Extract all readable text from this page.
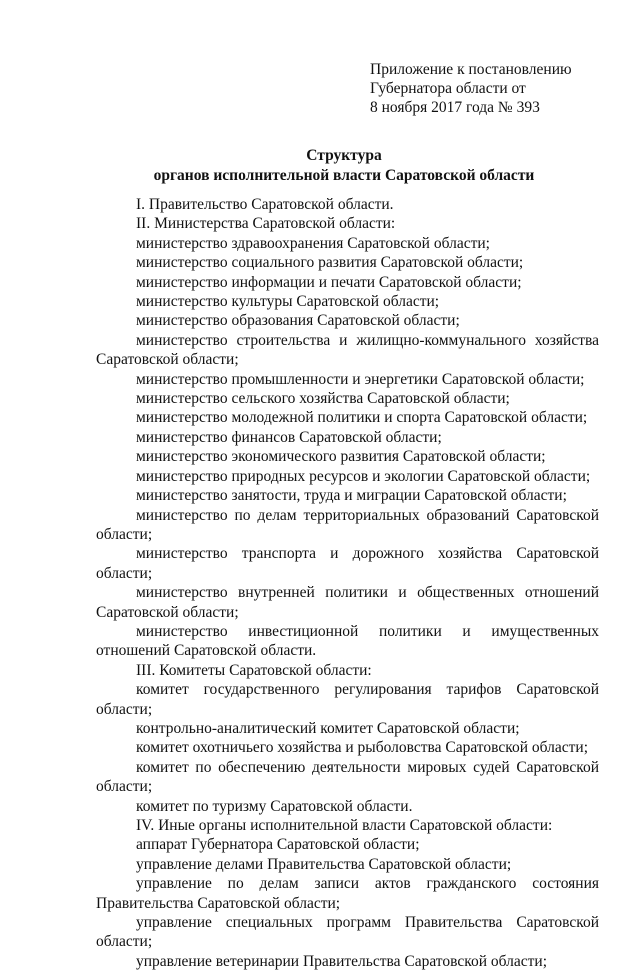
Приложение к постановлению
Губернатора области от
8 ноября 2017 года № 393
Структура
органов исполнительной власти Саратовской области

I. Правительство Саратовской области.

II. Министерства Саратовской области:

министерство здравоохранения Саратовской области;

министерство социального развития Саратовской области;

министерство информации и печати Саратовской области;

министерство культуры Саратовской области;

министерство образования Саратовской области;

министерство строительства и жилищно-коммунального хозяйства Саратовской области;

министерство промышленности и энергетики Саратовской области;

министерство сельского хозяйства Саратовской области;

министерство молодежной политики и спорта Саратовской области;

министерство финансов Саратовской области;

министерство экономического развития Саратовской области;

министерство природных ресурсов и экологии Саратовской области;

министерство занятости, труда и миграции Саратовской области;

министерство по делам территориальных образований Саратовской области;

министерство транспорта и дорожного хозяйства Саратовской области;

министерство внутренней политики и общественных отношений Саратовской области;

министерство инвестиционной политики и имущественных отношений Саратовской области.

III. Комитеты Саратовской области:

комитет государственного регулирования тарифов Саратовской области;

контрольно-аналитический комитет Саратовской области;

комитет охотничьего хозяйства и рыболовства Саратовской области;

комитет по обеспечению деятельности мировых судей Саратовской области;

комитет по туризму Саратовской области.

IV. Иные органы исполнительной власти Саратовской области:

аппарат Губернатора Саратовской области;

управление делами Правительства Саратовской области;

управление по делам записи актов гражданского состояния Правительства Саратовской области;

управление специальных программ Правительства Саратовской области;

управление ветеринарии Правительства Саратовской области;
